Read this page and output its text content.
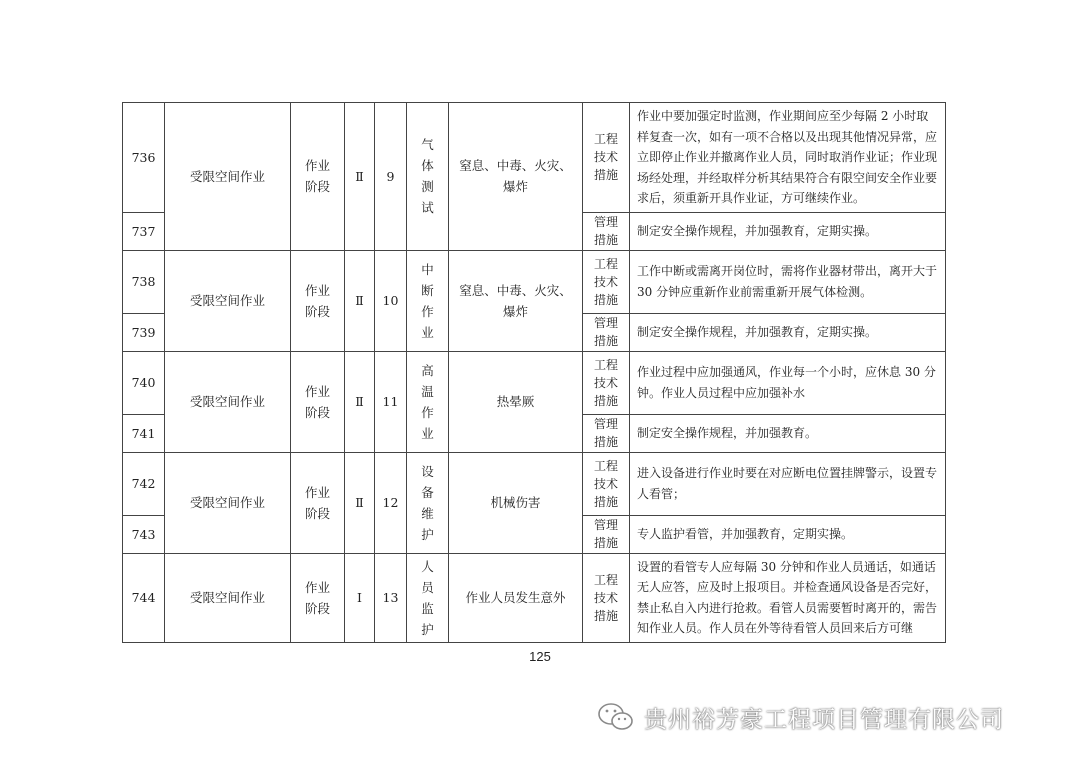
736	受限空间作业	作业阶段	Ⅱ	9	气体测试	窒息、中毒、火灾、爆炸	工程技术措施	作业中要加强定时监测，作业期间应至少每隔 2 小时取样复查一次，如有一项不合格以及出现其他情况异常，应立即停止作业并撤离作业人员，同时取消作业证；作业现场经处理，并经取样分析其结果符合有限空间安全作业要求后，须重新开具作业证，方可继续作业。
737							管理措施	制定安全操作规程，并加强教育，定期实操。
738	受限空间作业	作业阶段	Ⅱ	10	中断作业	窒息、中毒、火灾、爆炸	工程技术措施	工作中断或需离开岗位时，需将作业器材带出，离开大于 30 分钟应重新作业前需重新开展气体检测。
739							管理措施	制定安全操作规程，并加强教育，定期实操。
740	受限空间作业	作业阶段	Ⅱ	11	高温作业	热晕厥	工程技术措施	作业过程中应加强通风，作业每一个小时，应休息 30 分钟。作业人员过程中应加强补水
741							管理措施	制定安全操作规程，并加强教育。
742	受限空间作业	作业阶段	Ⅱ	12	设备维护	机械伤害	工程技术措施	进入设备进行作业时要在对应断电位置挂牌警示，设置专人看管；
743							管理措施	专人监护看管，并加强教育，定期实操。
744	受限空间作业	作业阶段	Ⅰ	13	人员监护	作业人员发生意外	工程技术措施	设置的看管专人应每隔 30 分钟和作业人员通话，如通话无人应答，应及时上报项目。并检查通风设备是否完好，禁止私自入内进行抢救。看管人员需要暂时离开的，需告知作业人员。作人员在外等待看管人员回来后方可继
125
贵州裕芳豪工程项目管理有限公司
